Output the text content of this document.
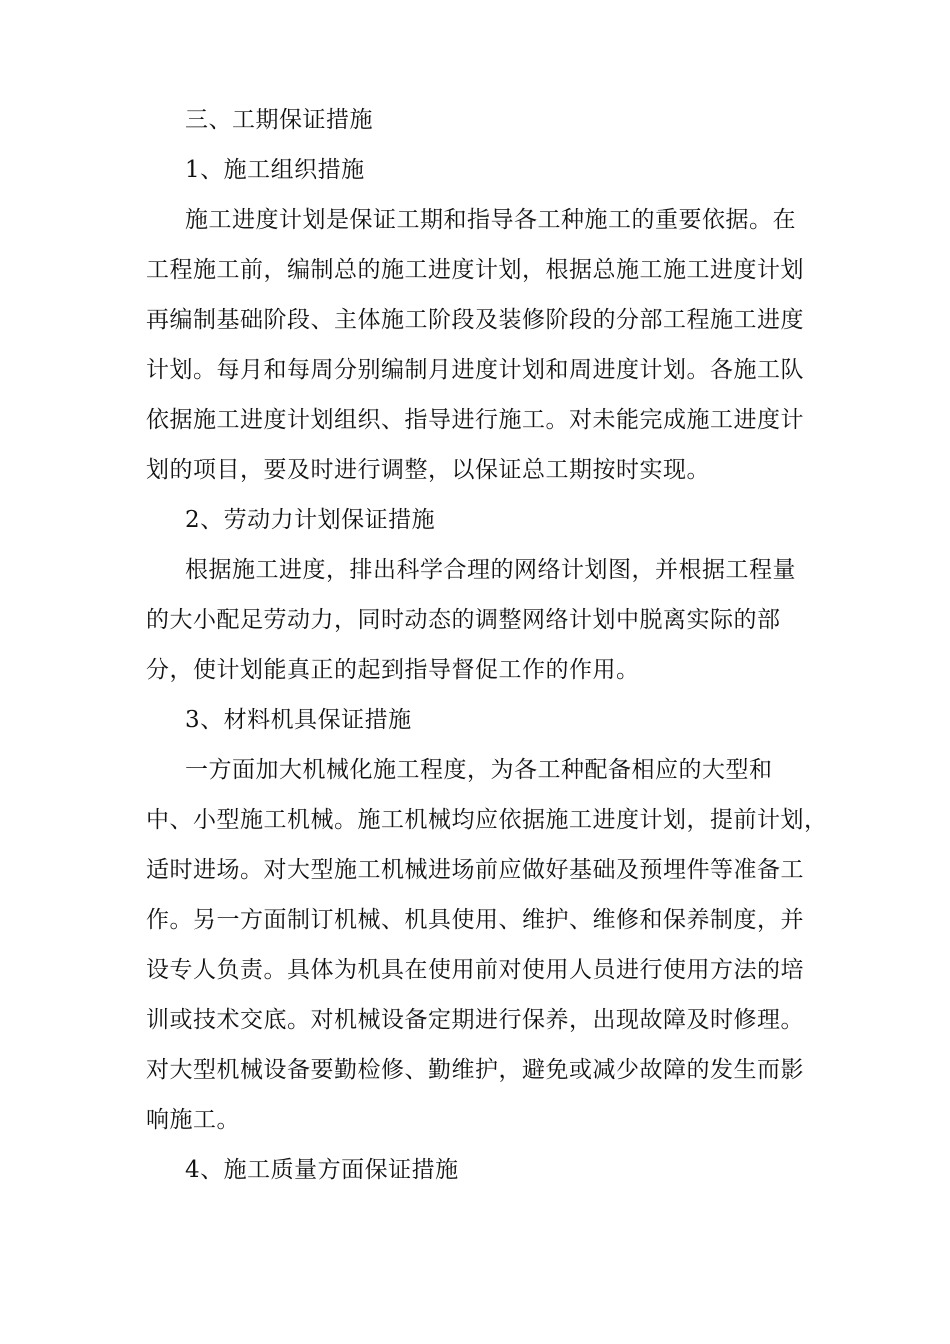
三、工期保证措施
1、施工组织措施
施工进度计划是保证工期和指导各工种施工的重要依据。在
工程施工前，编制总的施工进度计划，根据总施工施工进度计划
再编制基础阶段、主体施工阶段及装修阶段的分部工程施工进度
计划。每月和每周分别编制月进度计划和周进度计划。各施工队
依据施工进度计划组织、指导进行施工。对未能完成施工进度计
划的项目，要及时进行调整，以保证总工期按时实现。
2、劳动力计划保证措施
根据施工进度，排出科学合理的网络计划图，并根据工程量
的大小配足劳动力，同时动态的调整网络计划中脱离实际的部
分，使计划能真正的起到指导督促工作的作用。
3、材料机具保证措施
一方面加大机械化施工程度，为各工种配备相应的大型和
中、小型施工机械。施工机械均应依据施工进度计划，提前计划，
适时进场。对大型施工机械进场前应做好基础及预埋件等准备工
作。另一方面制订机械、机具使用、维护、维修和保养制度，并
设专人负责。具体为机具在使用前对使用人员进行使用方法的培
训或技术交底。对机械设备定期进行保养，出现故障及时修理。
对大型机械设备要勤检修、勤维护，避免或减少故障的发生而影
响施工。
4、施工质量方面保证措施
